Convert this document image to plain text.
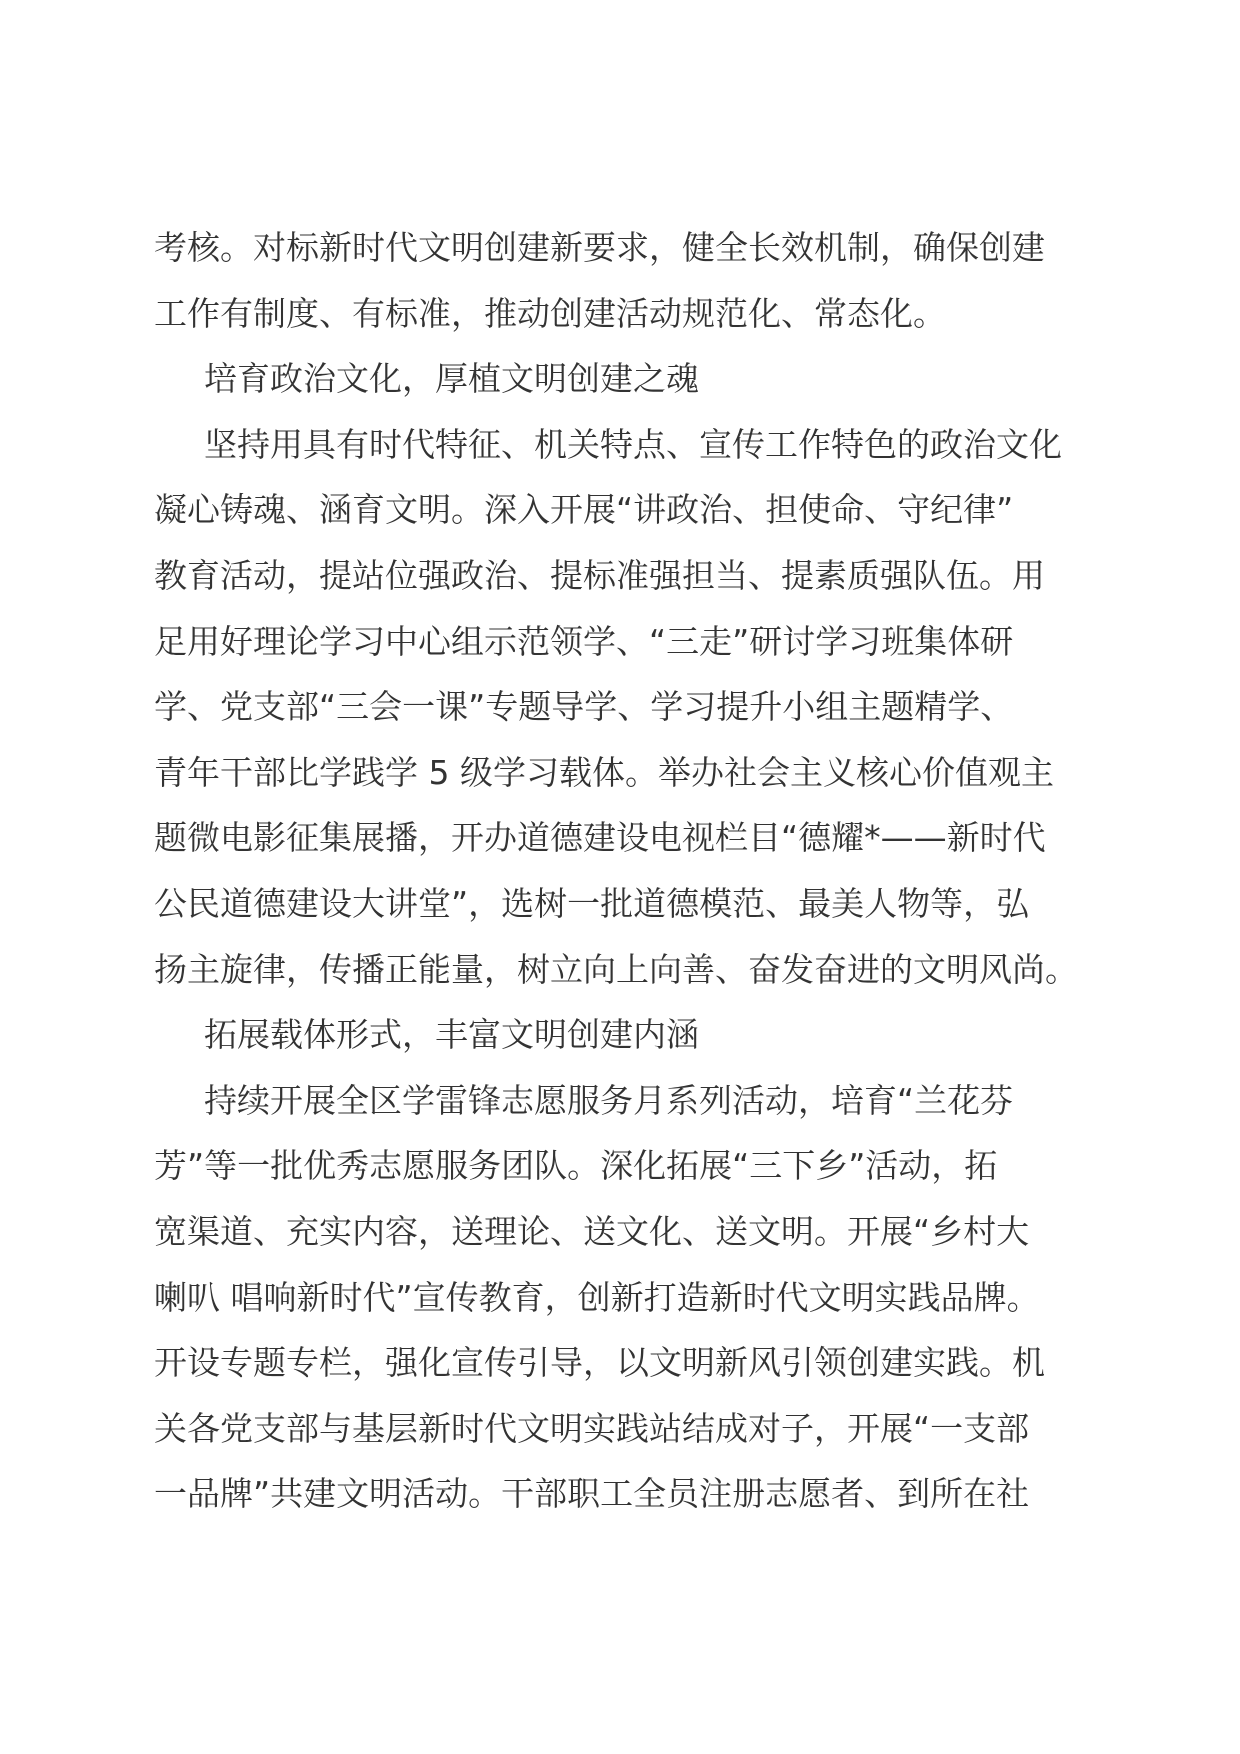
考核。对标新时代文明创建新要求，健全长效机制，确保创建
工作有制度、有标准，推动创建活动规范化、常态化。
培育政治文化，厚植文明创建之魂
坚持用具有时代特征、机关特点、宣传工作特色的政治文化
凝心铸魂、涵育文明。深入开展“讲政治、担使命、守纪律”
教育活动，提站位强政治、提标准强担当、提素质强队伍。用
足用好理论学习中心组示范领学、“三走”研讨学习班集体研
学、党支部“三会一课”专题导学、学习提升小组主题精学、
青年干部比学践学 5 级学习载体。举办社会主义核心价值观主
题微电影征集展播，开办道德建设电视栏目“德耀*——新时代
公民道德建设大讲堂”，选树一批道德模范、最美人物等，弘
扬主旋律，传播正能量，树立向上向善、奋发奋进的文明风尚。
拓展载体形式，丰富文明创建内涵
持续开展全区学雷锋志愿服务月系列活动，培育“兰花芬
芳”等一批优秀志愿服务团队。深化拓展“三下乡”活动，拓
宽渠道、充实内容，送理论、送文化、送文明。开展“乡村大
喇叭 唱响新时代”宣传教育，创新打造新时代文明实践品牌。
开设专题专栏，强化宣传引导，以文明新风引领创建实践。机
关各党支部与基层新时代文明实践站结成对子，开展“一支部
一品牌”共建文明活动。干部职工全员注册志愿者、到所在社
